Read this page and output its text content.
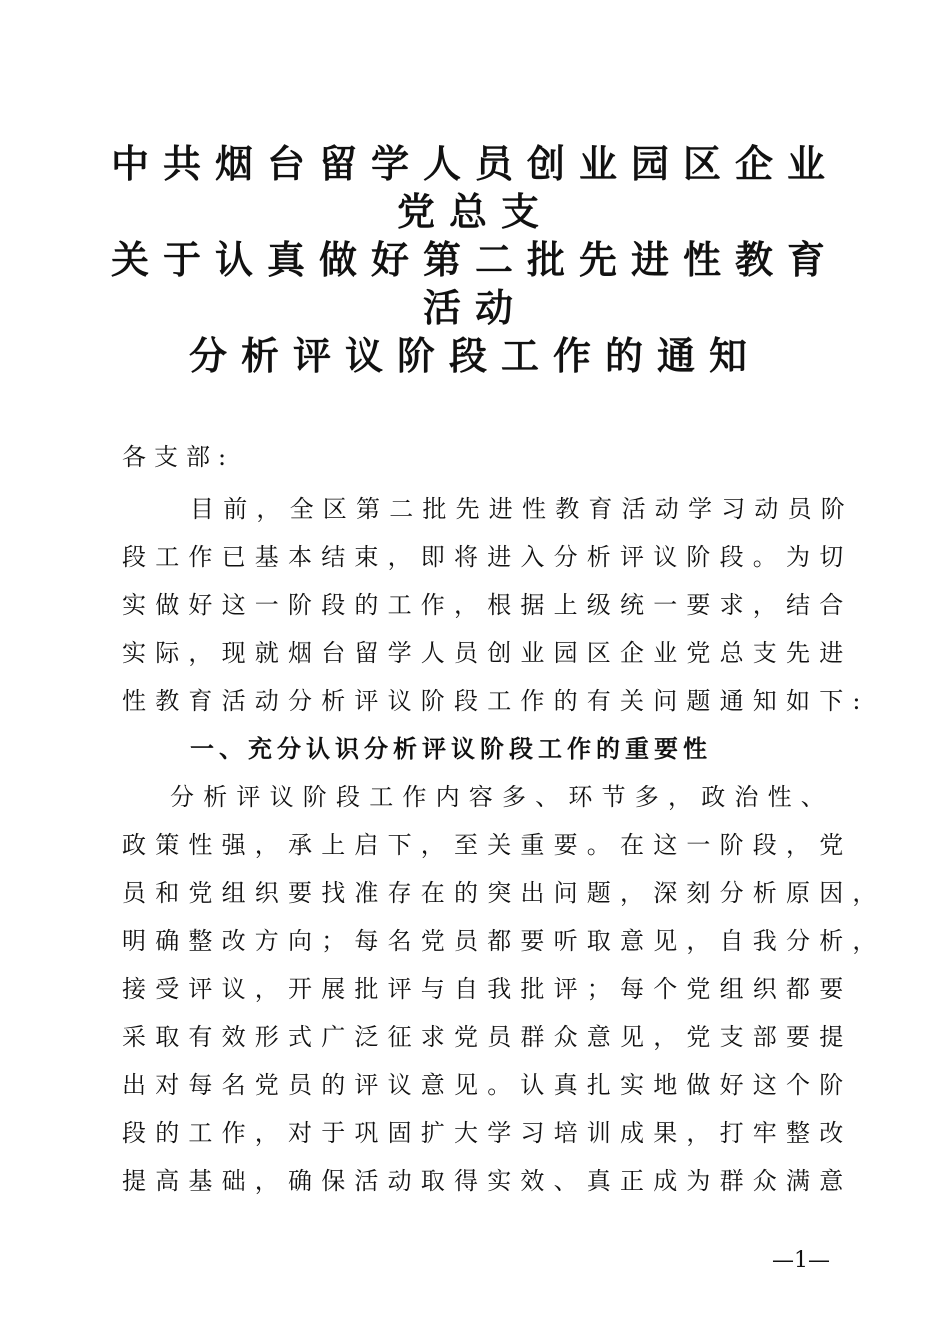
中共烟台留学人员创业园区企业
党总支
关于认真做好第二批先进性教育
活动
分析评议阶段工作的通知
各支部:
目前，全区第二批先进性教育活动学习动员阶
段工作已基本结束，即将进入分析评议阶段。为切
实做好这一阶段的工作，根据上级统一要求，结合
实际，现就烟台留学人员创业园区企业党总支先进
性教育活动分析评议阶段工作的有关问题通知如下:
一、充分认识分析评议阶段工作的重要性
分析评议阶段工作内容多、环节多，政治性、
政策性强，承上启下，至关重要。在这一阶段，党
员和党组织要找准存在的突出问题，深刻分析原因，
明确整改方向；每名党员都要听取意见，自我分析，
接受评议，开展批评与自我批评；每个党组织都要
采取有效形式广泛征求党员群众意见，党支部要提
出对每名党员的评议意见。认真扎实地做好这个阶
段的工作，对于巩固扩大学习培训成果，打牢整改
提高基础，确保活动取得实效、真正成为群众满意
—1—
